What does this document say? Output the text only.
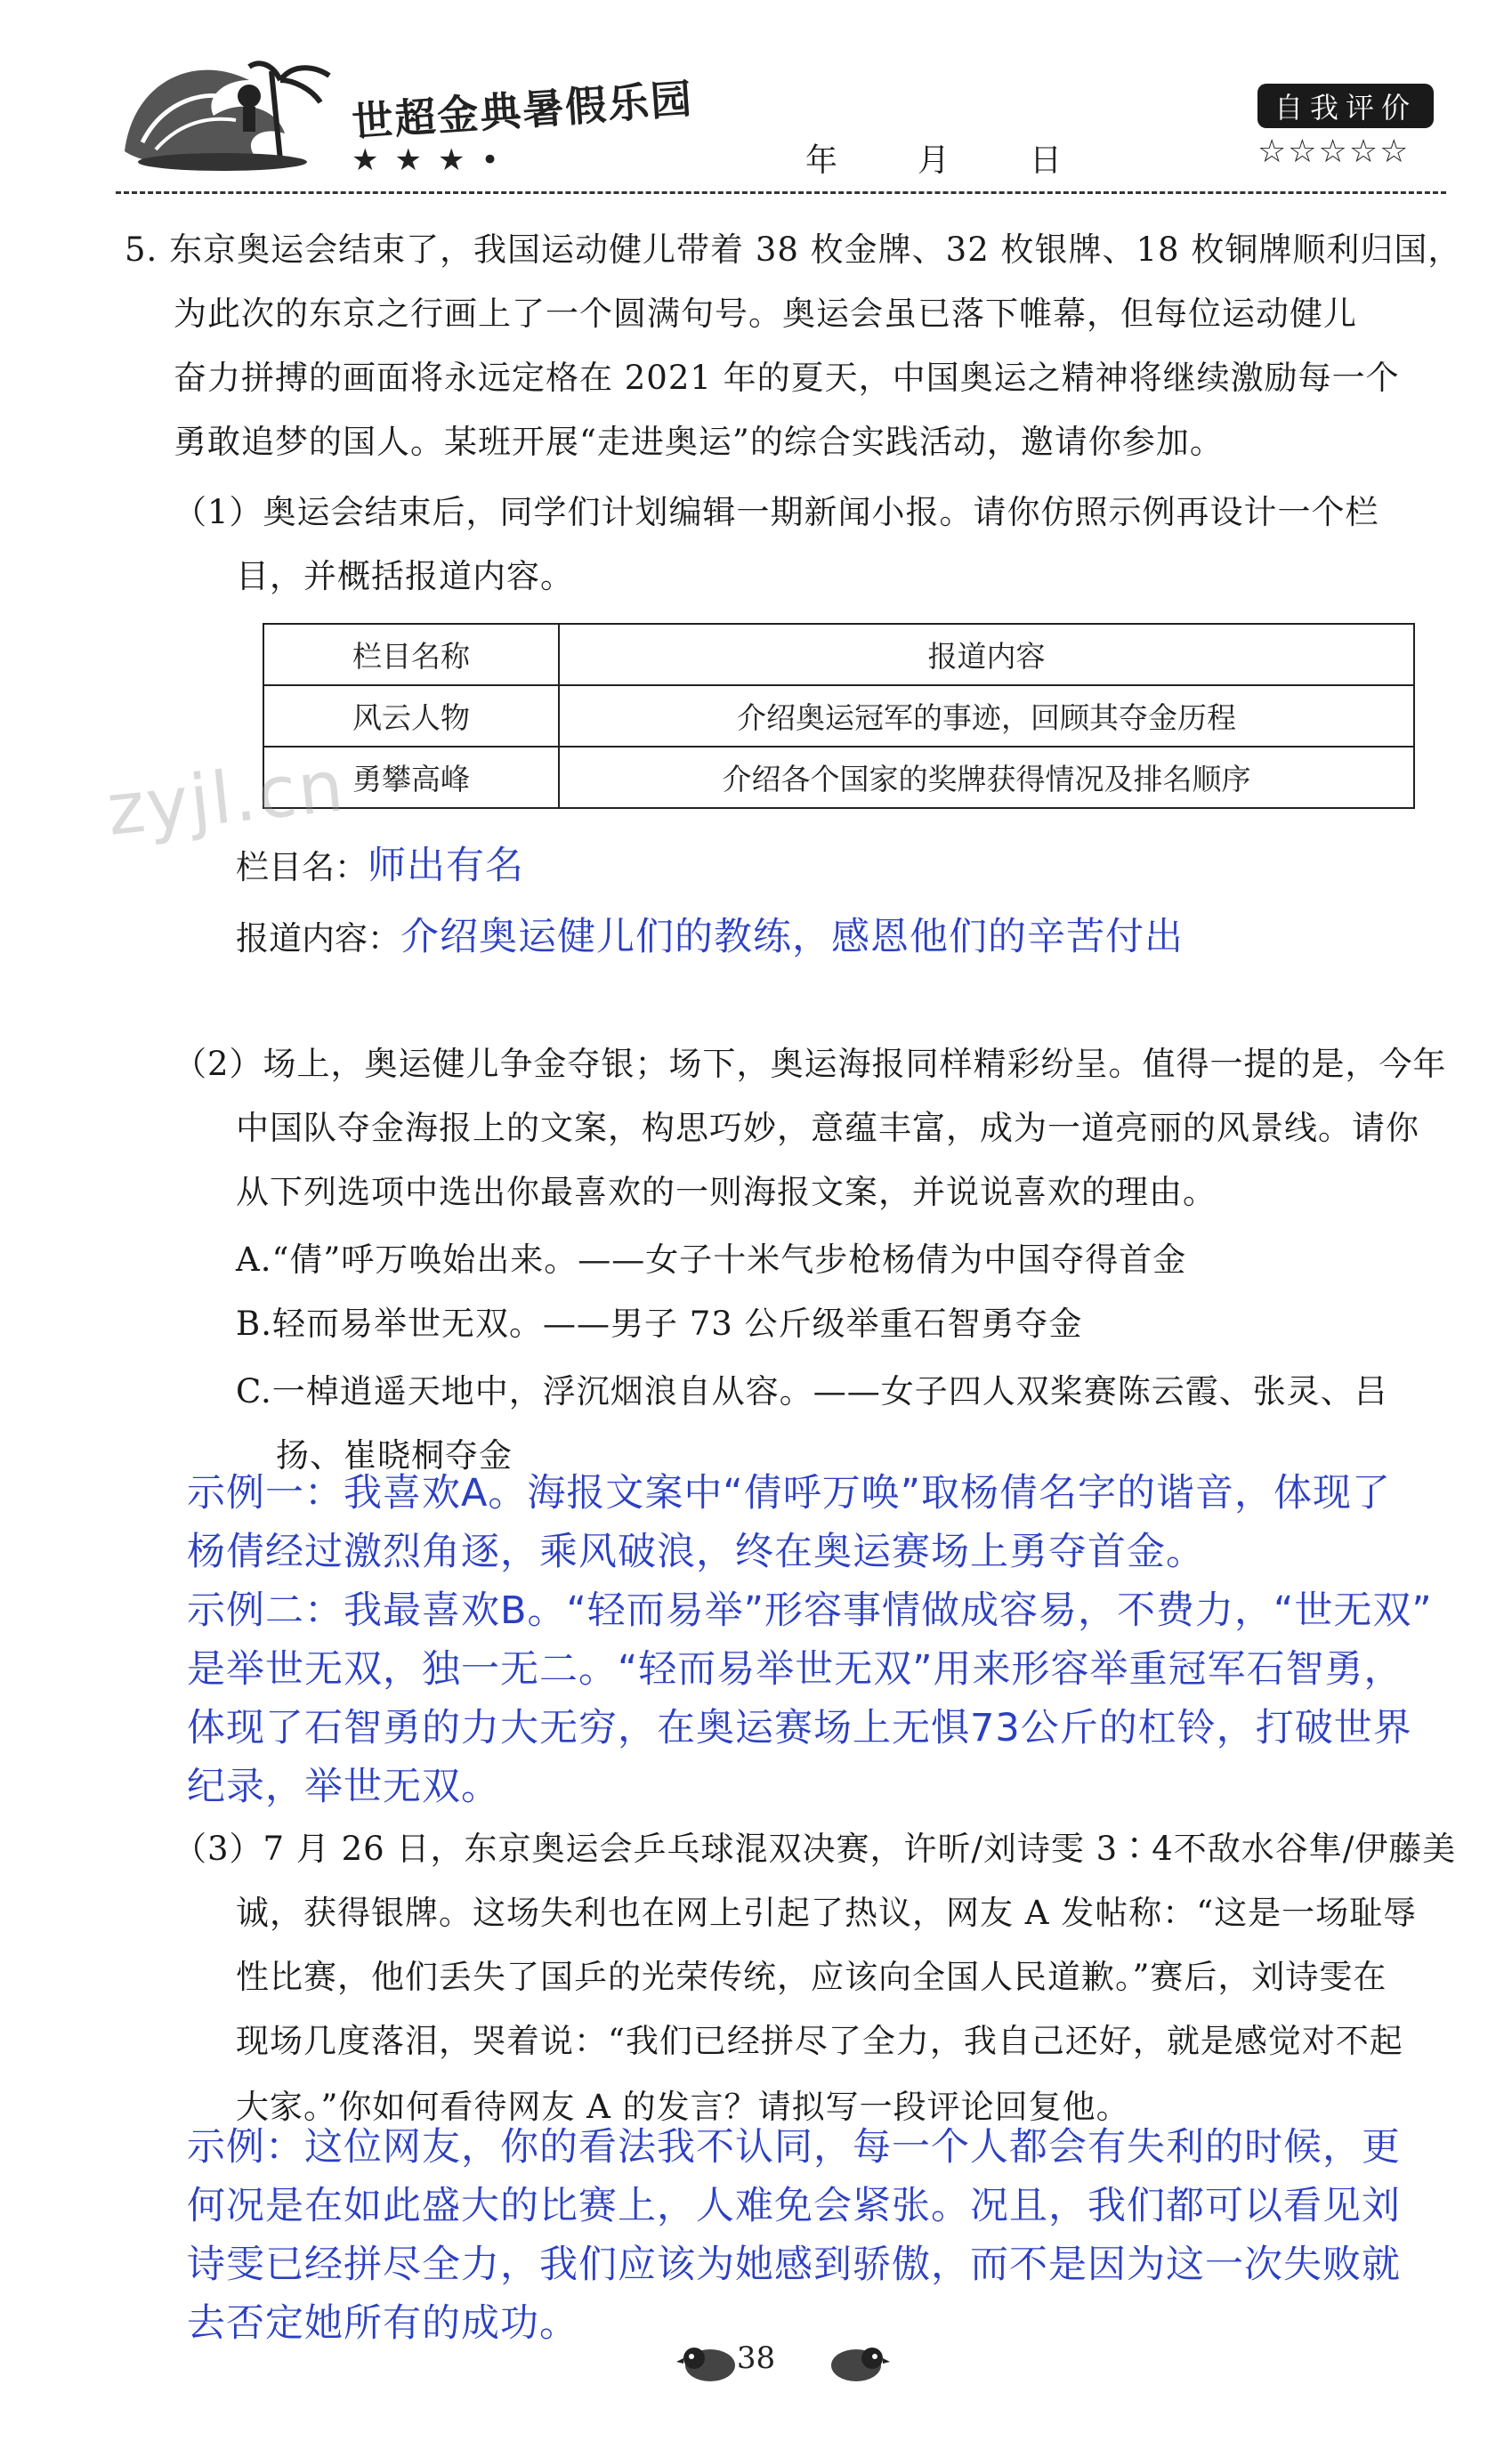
世超金典暑假乐园
★★★•	年	月	日
自我评价
☆☆☆☆☆
5. 东京奥运会结束了，我国运动健儿带着 38 枚金牌、32 枚银牌、18 枚铜牌顺利归国，
为此次的东京之行画上了一个圆满句号。奥运会虽已落下帷幕，但每位运动健儿
奋力拼搏的画面将永远定格在 2021 年的夏天，中国奥运之精神将继续激励每一个
勇敢追梦的国人。某班开展“走进奥运”的综合实践活动，邀请你参加。
（1）奥运会结束后，同学们计划编辑一期新闻小报。请你仿照示例再设计一个栏
目，并概括报道内容。
栏目名称	报道内容
风云人物	介绍奥运冠军的事迹，回顾其夺金历程
勇攀高峰	介绍各个国家的奖牌获得情况及排名顺序
zyjl.cn
栏目名：师出有名
报道内容：介绍奥运健儿们的教练，感恩他们的辛苦付出
（2）场上，奥运健儿争金夺银；场下，奥运海报同样精彩纷呈。值得一提的是，今年
中国队夺金海报上的文案，构思巧妙，意蕴丰富，成为一道亮丽的风景线。请你
从下列选项中选出你最喜欢的一则海报文案，并说说喜欢的理由。
A.“倩”呼万唤始出来。——女子十米气步枪杨倩为中国夺得首金
B.轻而易举世无双。——男子 73 公斤级举重石智勇夺金
C.一棹逍遥天地中，浮沉烟浪自从容。——女子四人双桨赛陈云霞、张灵、吕
扬、崔晓桐夺金
示例一：我喜欢A。海报文案中“倩呼万唤”取杨倩名字的谐音，体现了
杨倩经过激烈角逐，乘风破浪，终在奥运赛场上勇夺首金。
示例二：我最喜欢B。“轻而易举”形容事情做成容易，不费力，“世无双”
是举世无双，独一无二。“轻而易举世无双”用来形容举重冠军石智勇，
体现了石智勇的力大无穷，在奥运赛场上无惧73公斤的杠铃，打破世界
纪录，举世无双。
（3）7 月 26 日，东京奥运会乒乓球混双决赛，许昕/刘诗雯 3∶4不敌水谷隼/伊藤美
诚，获得银牌。这场失利也在网上引起了热议，网友 A 发帖称：“这是一场耻辱
性比赛，他们丢失了国乒的光荣传统，应该向全国人民道歉。”赛后，刘诗雯在
现场几度落泪，哭着说：“我们已经拼尽了全力，我自己还好，就是感觉对不起
大家。”你如何看待网友 A 的发言？请拟写一段评论回复他。
示例：这位网友，你的看法我不认同，每一个人都会有失利的时候，更
何况是在如此盛大的比赛上，人难免会紧张。况且，我们都可以看见刘
诗雯已经拼尽全力，我们应该为她感到骄傲，而不是因为这一次失败就
去否定她所有的成功。
38
